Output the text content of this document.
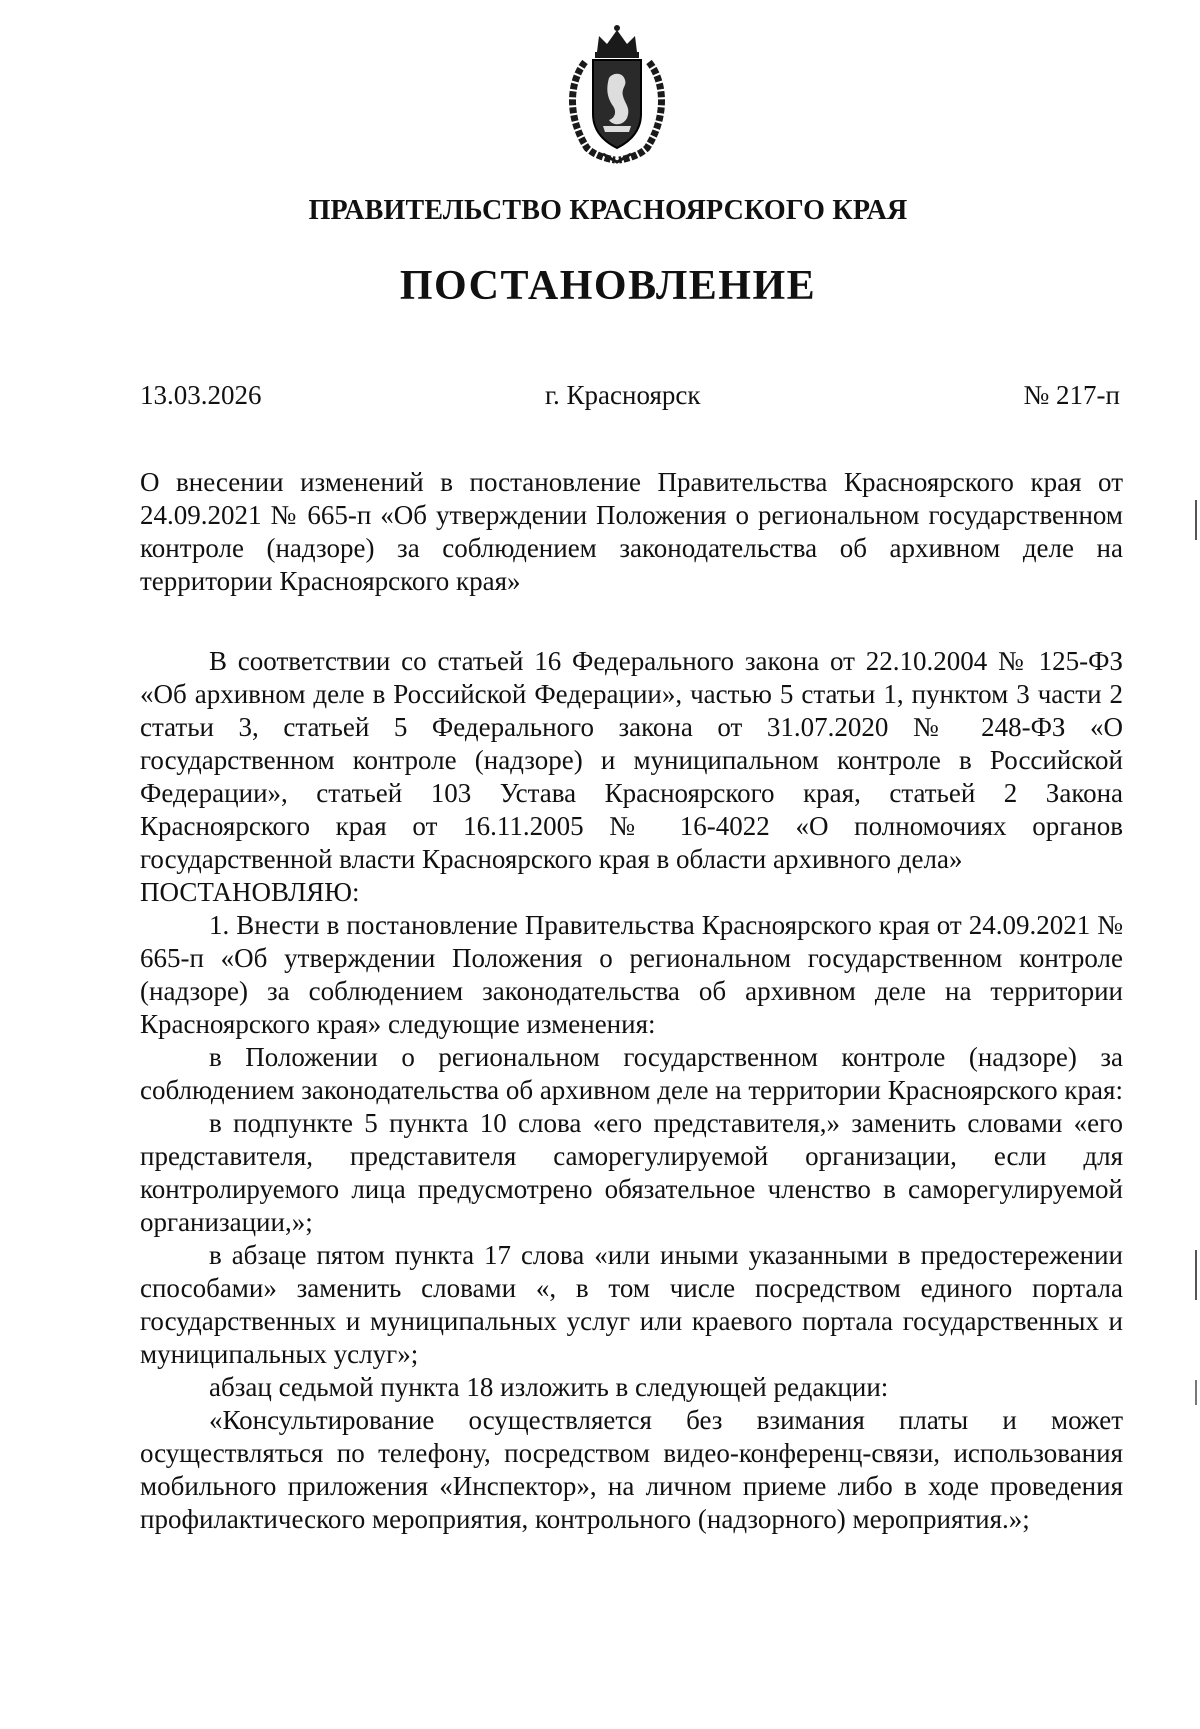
ПРАВИТЕЛЬСТВО КРАСНОЯРСКОГО КРАЯ
ПОСТАНОВЛЕНИЕ
13.03.2026	г. Красноярск	№ 217-п

О внесении изменений в постановление Правительства Красноярского края от 24.09.2021 № 665-п «Об утверждении Положения о региональном государственном контроле (надзоре) за соблюдением законодательства об архивном деле на территории Красноярского края»

В соответствии со статьей 16 Федерального закона от 22.10.2004 № 125-ФЗ «Об архивном деле в Российской Федерации», частью 5 статьи 1, пунктом 3 части 2 статьи 3, статьей 5 Федерального закона от 31.07.2020 № 248-ФЗ «О государственном контроле (надзоре) и муниципальном контроле в Российской Федерации», статьей 103 Устава Красноярского края, статьей 2 Закона Красноярского края от 16.11.2005 № 16-4022 «О полномочиях органов государственной власти Красноярского края в области архивного дела»

ПОСТАНОВЛЯЮ:

1. Внести в постановление Правительства Красноярского края от 24.09.2021 № 665-п «Об утверждении Положения о региональном государственном контроле (надзоре) за соблюдением законодательства об архивном деле на территории Красноярского края» следующие изменения:

в Положении о региональном государственном контроле (надзоре) за соблюдением законодательства об архивном деле на территории Красноярского края:

в подпункте 5 пункта 10 слова «его представителя,» заменить словами «его представителя, представителя саморегулируемой организации, если для контролируемого лица предусмотрено обязательное членство в саморегулируемой организации,»;

в абзаце пятом пункта 17 слова «или иными указанными в предостережении способами» заменить словами «, в том числе посредством единого портала государственных и муниципальных услуг или краевого портала государственных и муниципальных услуг»;

абзац седьмой пункта 18 изложить в следующей редакции:

«Консультирование осуществляется без взимания платы и может осуществляться по телефону, посредством видео-конференц-связи, использования мобильного приложения «Инспектор», на личном приеме либо в ходе проведения профилактического мероприятия, контрольного (надзорного) мероприятия.»;
